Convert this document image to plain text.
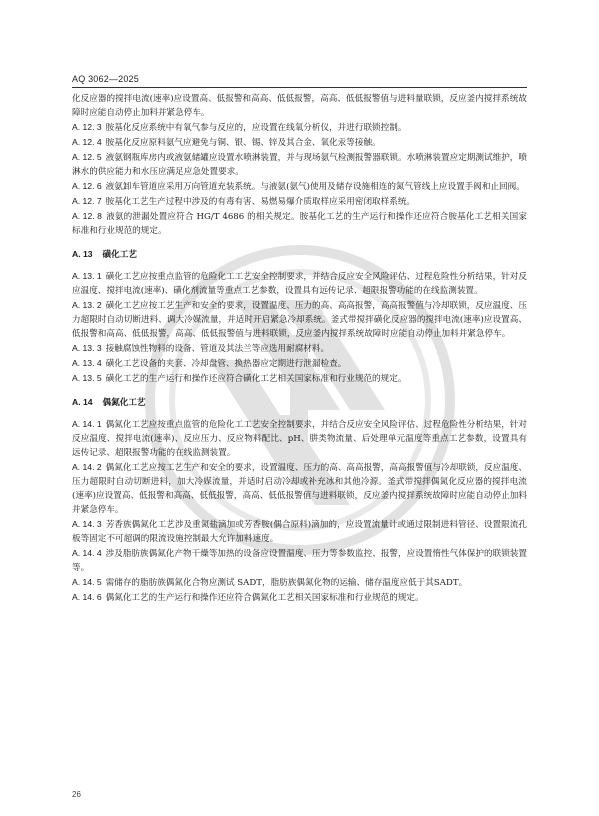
AQ 3062—2025

化反应器的搅拌电流(速率)应设置高、低报警和高高、低低报警，高高、低低报警值与进料量联锁，反应釜内搅拌系统故障时应能自动停止加料并紧急停车。

A. 12. 3 胺基化反应系统中有氧气参与反应的，应设置在线氧分析仪，并进行联锁控制。

A. 12. 4 胺基化反应原料氨气应避免与铜、银、锡、锌及其合金、氧化汞等接触。

A. 12. 5 液氨钢瓶库房内或液氨储罐应设置水喷淋装置，并与现场氨气检测报警器联锁。水喷淋装置应定期测试维护，喷淋水的供应能力和水压应满足应急处置要求。

A. 12. 6 液氨卸车管道应采用万向管道充装系统。与液氨(氨气)使用及储存设施相连的氮气管线上应设置手阀和止回阀。

A. 12. 7 胺基化工艺生产过程中涉及的有毒有害、易燃易爆介质取样应采用密闭取样系统。

A. 12. 8 液氨的泄漏处置应符合 HG/T 4686 的相关规定。胺基化工艺的生产运行和操作还应符合胺基化工艺相关国家标准和行业规范的规定。

A. 13 磺化工艺

A. 13. 1 磺化工艺应按重点监管的危险化工工艺安全控制要求，并结合反应安全风险评估、过程危险性分析结果，针对反应温度、搅拌电流(速率)、磺化剂流量等重点工艺参数，设置具有远传记录、超限报警功能的在线监测装置。

A. 13. 2 磺化工艺应按工艺生产和安全的要求，设置温度、压力的高、高高报警，高高报警值与冷却联锁，反应温度、压力超限时自动切断进料、调大冷媒流量，并适时开启紧急冷却系统。釜式带搅拌磺化反应器的搅拌电流(速率)应设置高、低报警和高高、低低报警，高高、低低报警值与进料联锁，反应釜内搅拌系统故障时应能自动停止加料并紧急停车。

A. 13. 3 接触腐蚀性物料的设备、管道及其法兰等应选用耐腐材料。

A. 13. 4 磺化工艺设备的夹套、冷却盘管、换热器应定期进行泄漏检查。

A. 13. 5 磺化工艺的生产运行和操作还应符合磺化工艺相关国家标准和行业规范的规定。

A. 14 偶氮化工艺

A. 14. 1 偶氮化工艺应按重点监管的危险化工工艺安全控制要求，并结合反应安全风险评估、过程危险性分析结果，针对反应温度、搅拌电流(速率)、反应压力、反应物料配比、pH、肼类物流量、后处理单元温度等重点工艺参数，设置具有远传记录、超限报警功能的在线监测装置。

A. 14. 2 偶氮化工艺应按工艺生产和安全的要求，设置温度、压力的高、高高报警，高高报警值与冷却联锁，反应温度、压力超限时自动切断进料，加大冷媒流量，并适时启动冷却或补充冰和其他冷源。釜式带搅拌偶氮化反应器的搅拌电流(速率)应设置高、低报警和高高、低低报警，高高、低低报警值与进料联锁，反应釜内搅拌系统故障时应能自动停止加料并紧急停车。

A. 14. 3 芳香族偶氮化工艺涉及重氮盐滴加或芳香胺(偶合原料)滴加的，应设置流量计或通过限制进料管径、设置限流孔板等固定不可超调的限流设施控制最大允许加料速度。

A. 14. 4 涉及脂肪族偶氮化产物干燥等加热的设备应设置温度、压力等参数监控、报警，应设置惰性气体保护的联锁装置等。

A. 14. 5 需储存的脂肪族偶氮化合物应测试 SADT，脂肪族偶氮化物的运输、储存温度应低于其SADT。

A. 14. 6 偶氮化工艺的生产运行和操作还应符合偶氮化工艺相关国家标准和行业规范的规定。

26
